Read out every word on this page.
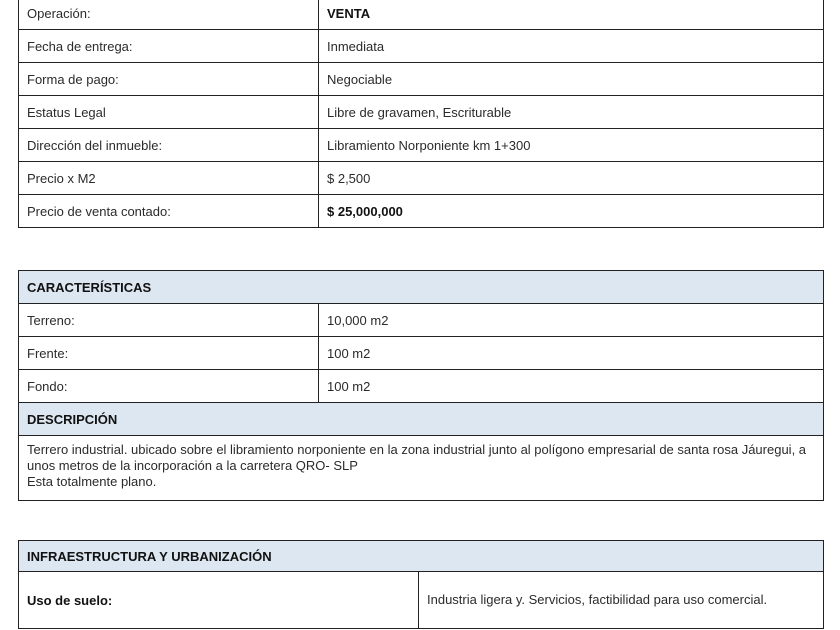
Operación:	VENTA
Fecha de entrega:	Inmediata
Forma de pago:	Negociable
Estatus Legal	Libre de gravamen, Escriturable
Dirección del inmueble:	Libramiento Norponiente km 1+300
Precio x M2	$ 2,500
Precio de venta contado:	$ 25,000,000
CARACTERÍSTICAS	
Terreno:	10,000 m2
Frente:	100 m2
Fondo:	100 m2
DESCRIPCIÓN	
Terrero industrial. ubicado sobre el libramiento norponiente en la zona industrial junto al polígono empresarial de santa rosa Jáuregui, a unos metros de la incorporación a la carretera QRO- SLP
Esta totalmente plano.	
INFRAESTRUCTURA Y URBANIZACIÓN
Uso de suelo:	Industria ligera y. Servicios, factibilidad para uso comercial.
